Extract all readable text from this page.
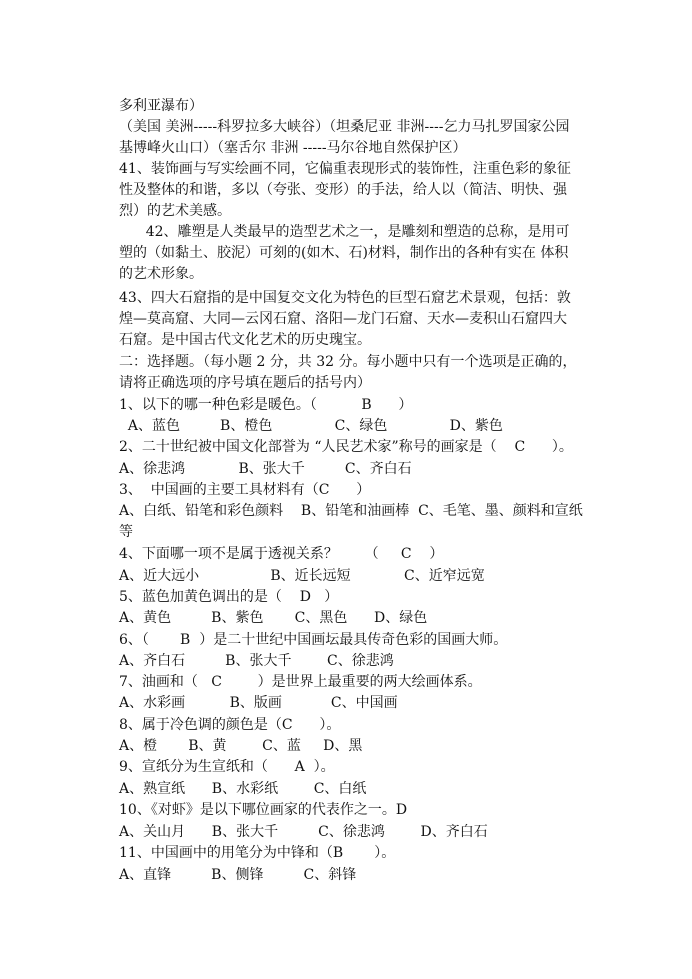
多利亚瀑布）
（美国 美洲-----科罗拉多大峡谷）（坦桑尼亚 非洲----乞力马扎罗国家公园
基博峰火山口）（塞舌尔 非洲 -----马尔谷地自然保护区）
41、装饰画与写实绘画不同，它偏重表现形式的装饰性，注重色彩的象征
性及整体的和谐，多以（夸张、变形）的手法，给人以（简洁、明快、强
烈）的艺术美感。
42、雕塑是人类最早的造型艺术之一，是雕刻和塑造的总称，是用可
塑的（如黏土、胶泥）可刻的(如木、石)材料，制作出的各种有实在 体积
的艺术形象。
43、四大石窟指的是中国复交文化为特色的巨型石窟艺术景观，包括：敦
煌—莫高窟、大同—云冈石窟、洛阳—龙门石窟、天水—麦积山石窟四大
石窟。是中国古代文化艺术的历史瑰宝。
二：选择题。（每小题 2 分，共 32 分。每小题中只有一个选项是正确的，
请将正确选项的序号填在题后的括号内）
1、以下的哪一种色彩是暖色。（          B      ）
A、蓝色         B、橙色              C、绿色              D、紫色
2、二十世纪被中国文化部誉为 “人民艺术家”称号的画家是（    C      ）。
A、徐悲鸿            B、张大千         C、齐白石
3、  中国画的主要工具材料有（C      ）
A、白纸、铅笔和彩色颜料    B、铅笔和油画棒  C、毛笔、墨、颜料和宣纸
等
4、下面哪一项不是属于透视关系？      （     C    ）
A、近大远小                B、近长远短            C、近窄远宽
5、蓝色加黄色调出的是（    D   ）
A、黄色         B、紫色       C、黑色      D、绿色
6、（       B  ）是二十世纪中国画坛最具传奇色彩的国画大师。
A、齐白石         B、张大千        C、徐悲鸿
7、油画和（   C        ）是世界上最重要的两大绘画体系。
A、水彩画          B、版画           C、中国画
8、属于冷色调的颜色是（C      ）。
A、橙       B、黄        C、蓝     D、黑
9、宣纸分为生宣纸和（      A  ）。
A、熟宣纸      B、水彩纸        C、白纸
10、《对虾》是以下哪位画家的代表作之一。D
A、关山月      B、张大千         C、徐悲鸿        D、齐白石
11、中国画中的用笔分为中锋和（B       ）。
A、直锋         B、侧锋         C、斜锋
